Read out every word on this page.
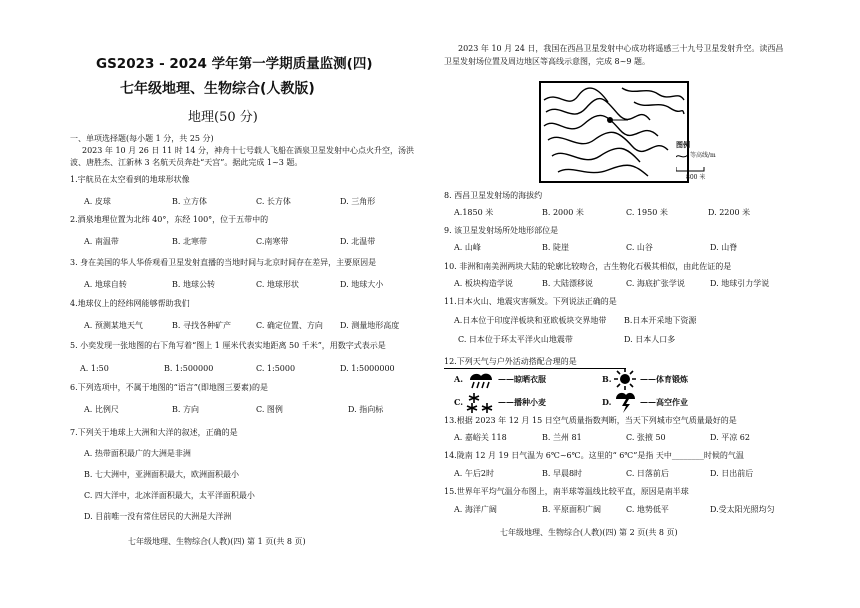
GS2023 - 2024 学年第一学期质量监测(四)
七年级地理、生物综合(人教版)
地理(50 分)
一、单项选择题(每小题 1 分，共 25 分)
2023 年 10 月 26 日 11 时 14 分，神舟十七号载人飞船在酒泉卫星发射中心点火升空，汤洪
波、唐胜杰、江新林 3 名航天员奔赴“天宫”。据此完成 1~3 题。
1.宇航员在太空看到的地球形状像
A. 皮球	B. 立方体	C. 长方体	D. 三角形
2.酒泉地理位置为北纬 40°，东经 100°，位于五带中的
A. 南温带	B. 北寒带	C.南寒带	D. 北温带
3. 身在美国的华人华侨观看卫星发射直播的当地时间与北京时间存在差异，主要原因是
A. 地球自转	B. 地球公转	C. 地球形状	D. 地球大小
4.地球仪上的经纬网能够帮助我们
A. 预测某地天气	B. 寻找各种矿产	C. 确定位置、方向 D. 测量地形高度
5. 小奕发现一张地图的右下角写着“图上 1 厘米代表实地距离 50 千米”，用数字式表示是
A. 1:50	B. 1:500000	C. 1:5000	D. 1:5000000
6.下列选项中，不属于地图的“语言”(即地图三要素)的是
A. 比例尺	B. 方向	C. 图例	D. 指向标
7.下列关于地球上大洲和大洋的叙述，正确的是
A. 热带面积最广的大洲是非洲
B. 七大洲中，亚洲面积最大，欧洲面积最小
C. 四大洋中，北冰洋面积最大，太平洋面积最小
D. 目前唯一没有常住居民的大洲是大洋洲
七年级地理、生物综合(人教)(四) 第 1 页(共 8 页)
2023 年 10 月 24 日，我国在西昌卫星发射中心成功将遥感三十九号卫星发射升空。读西昌
卫星发射场位置及周边地区等高线示意图，完成 8~9 题。
图例
等高线/m
800 米
8. 西昌卫星发射场的海拔约
A.1850 米	B. 2000 米	C. 1950 米	D. 2200 米
9. 该卫星发射场所处地形部位是
A. 山峰	B. 陡崖	C. 山谷	D. 山脊
10. 非洲和南美洲两块大陆的轮廓比较吻合，古生物化石极其相似，由此佐证的是
A. 板块构造学说	B. 大陆漂移说	C. 海底扩张学说	D. 地球引力学说
11.日本火山、地震灾害频发。下列说法正确的是
A.日本位于印度洋板块和亚欧板块交界地带 B.日本开采地下资源
C. 日本位于环太平洋火山地震带	D. 日本人口多
12.下列天气与户外活动搭配合理的是
A.	——晾晒衣服	B.	——体育锻炼
C.	——播种小麦	D.	——高空作业
13.根据 2023 年 12 月 15 日空气质量指数判断，当天下列城市空气质量最好的是
A. 嘉峪关 118	B. 兰州 81	C. 张掖 50	D. 平凉 62
14.陇南 12 月 19 日气温为 6℃~6℃。这里的“ 6℃”是指 天中________时候的气温
A. 午后2时	B. 早晨8时	C. 日落前后	D. 日出前后
15.世界年平均气温分布图上，南半球等温线比较平直，原因是南半球
A. 海洋广阔	B. 平原面积广阔	C. 地势低平	D.受太阳光照均匀
七年级地理、生物综合(人教)(四) 第 2 页(共 8 页)
